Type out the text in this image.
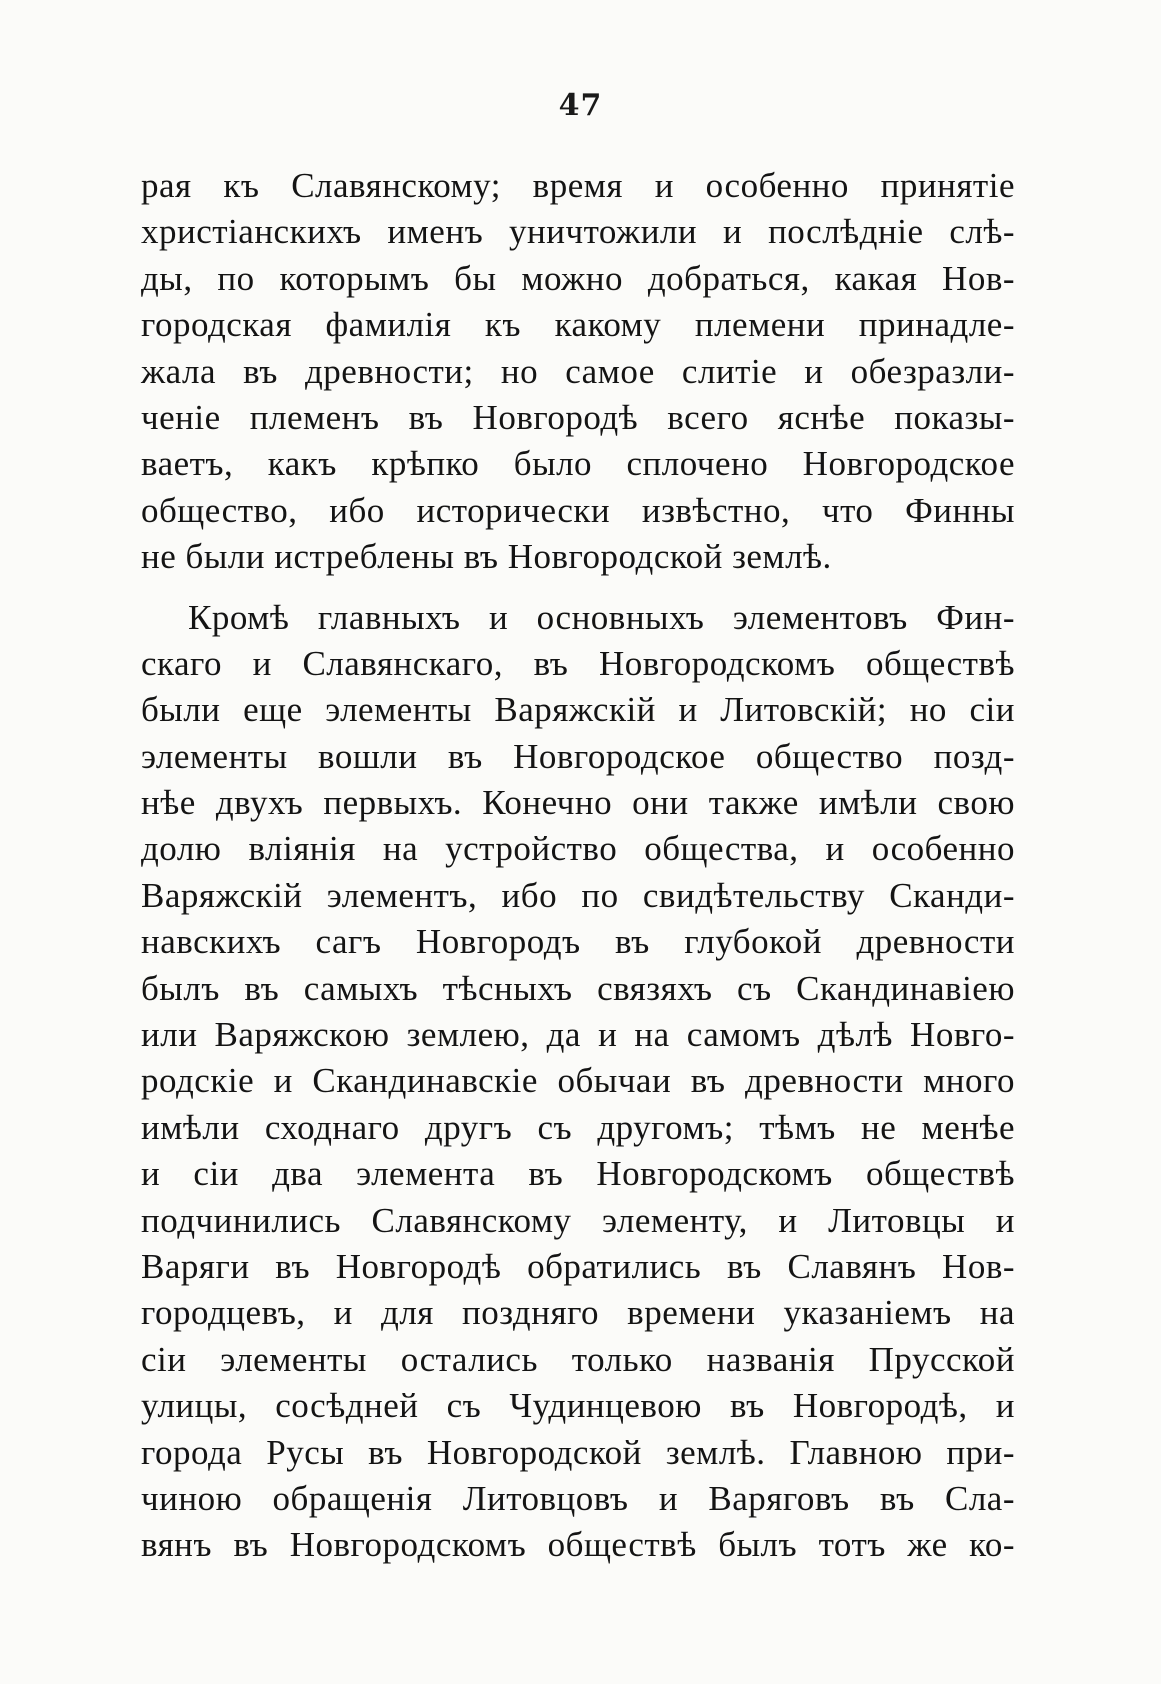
47
рая къ Славянскому; время и особенно принятіе
христіанскихъ именъ уничтожили и послѣдніе слѣ-
ды, по которымъ бы можно добраться, какая Нов-
городская фамилія къ какому племени принадле-
жала въ древности; но самое слитіе и обезразли-
ченіе племенъ въ Новгородѣ всего яснѣе показы-
ваетъ, какъ крѣпко было сплочено Новгородское
общество, ибо исторически извѣстно, что Финны
не были истреблены въ Новгородской землѣ.
Кромѣ главныхъ и основныхъ элементовъ Фин-
скаго и Славянскаго, въ Новгородскомъ обществѣ
были еще элементы Варяжскій и Литовскій; но сіи
элементы вошли въ Новгородское общество позд-
нѣе двухъ первыхъ. Конечно они также имѣли свою
долю вліянія на устройство общества, и особенно
Варяжскій элементъ, ибо по свидѣтельству Сканди-
навскихъ сагъ Новгородъ въ глубокой древности
былъ въ самыхъ тѣсныхъ связяхъ съ Скандинавіею
или Варяжскою землею, да и на самомъ дѣлѣ Новго-
родскіе и Скандинавскіе обычаи въ древности много
имѣли сходнаго другъ съ другомъ; тѣмъ не менѣе
и сіи два элемента въ Новгородскомъ обществѣ
подчинились Славянскому элементу, и Литовцы и
Варяги въ Новгородѣ обратились въ Славянъ Нов-
городцевъ, и для поздняго времени указаніемъ на
сіи элементы остались только названія Прусской
улицы, сосѣдней съ Чудинцевою въ Новгородѣ, и
города Русы въ Новгородской землѣ. Главною при-
чиною обращенія Литовцовъ и Варяговъ въ Сла-
вянъ въ Новгородскомъ обществѣ былъ тотъ же ко-
